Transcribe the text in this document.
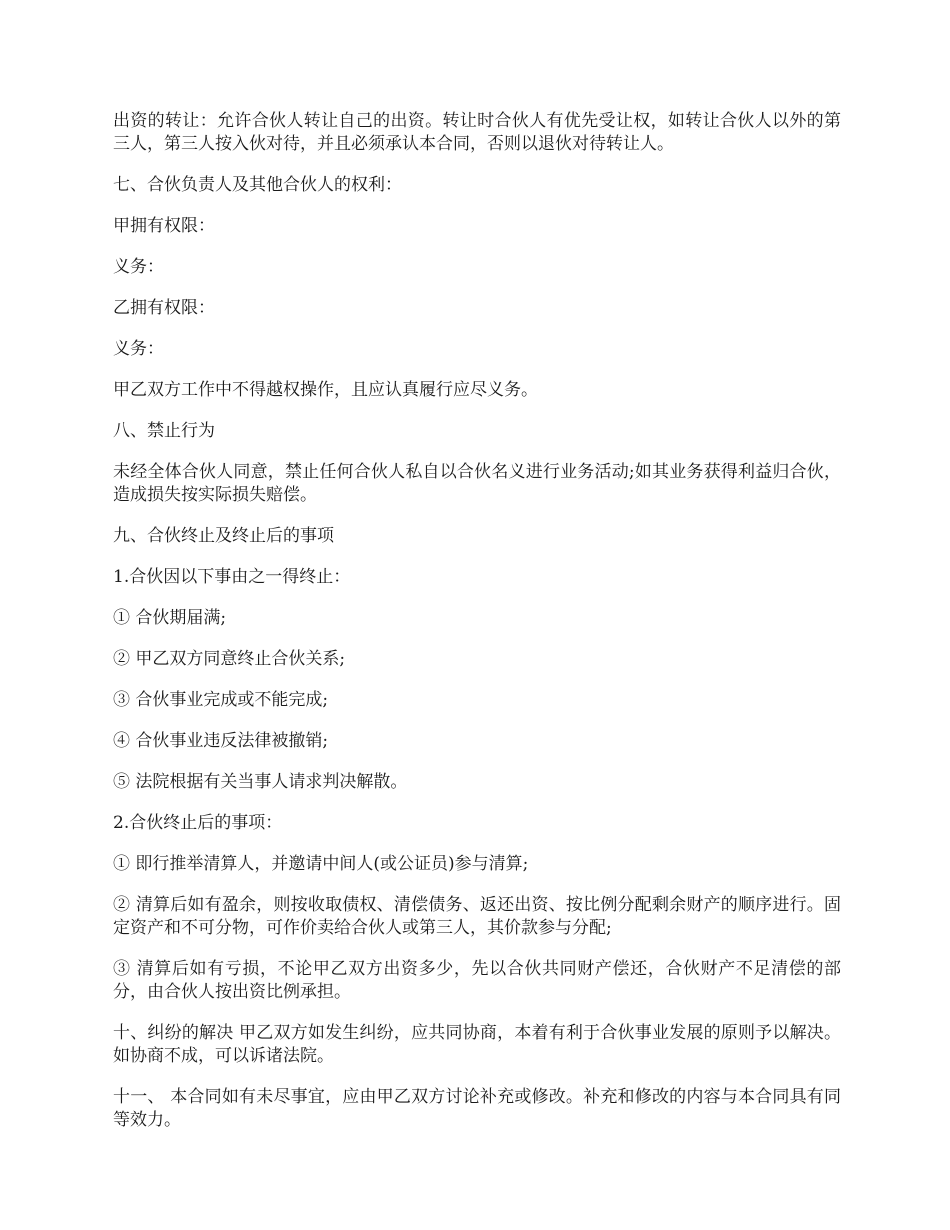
出资的转让：允许合伙人转让自己的出资。转让时合伙人有优先受让权，如转让合伙人以外的第三人，第三人按入伙对待，并且必须承认本合同，否则以退伙对待转让人。

七、合伙负责人及其他合伙人的权利：

甲拥有权限：

义务：

乙拥有权限：

义务：

甲乙双方工作中不得越权操作，且应认真履行应尽义务。

八、禁止行为

未经全体合伙人同意，禁止任何合伙人私自以合伙名义进行业务活动;如其业务获得利益归合伙，造成损失按实际损失赔偿。

九、合伙终止及终止后的事项

1.合伙因以下事由之一得终止：

① 合伙期届满;

② 甲乙双方同意终止合伙关系;

③ 合伙事业完成或不能完成;

④ 合伙事业违反法律被撤销;

⑤ 法院根据有关当事人请求判决解散。

2.合伙终止后的事项：

① 即行推举清算人，并邀请中间人(或公证员)参与清算;

② 清算后如有盈余，则按收取债权、清偿债务、返还出资、按比例分配剩余财产的顺序进行。固定资产和不可分物，可作价卖给合伙人或第三人，其价款参与分配;

③ 清算后如有亏损，不论甲乙双方出资多少，先以合伙共同财产偿还，合伙财产不足清偿的部分，由合伙人按出资比例承担。

十、纠纷的解决 甲乙双方如发生纠纷，应共同协商，本着有利于合伙事业发展的原则予以解决。如协商不成，可以诉诸法院。

十一、 本合同如有未尽事宜，应由甲乙双方讨论补充或修改。补充和修改的内容与本合同具有同等效力。
